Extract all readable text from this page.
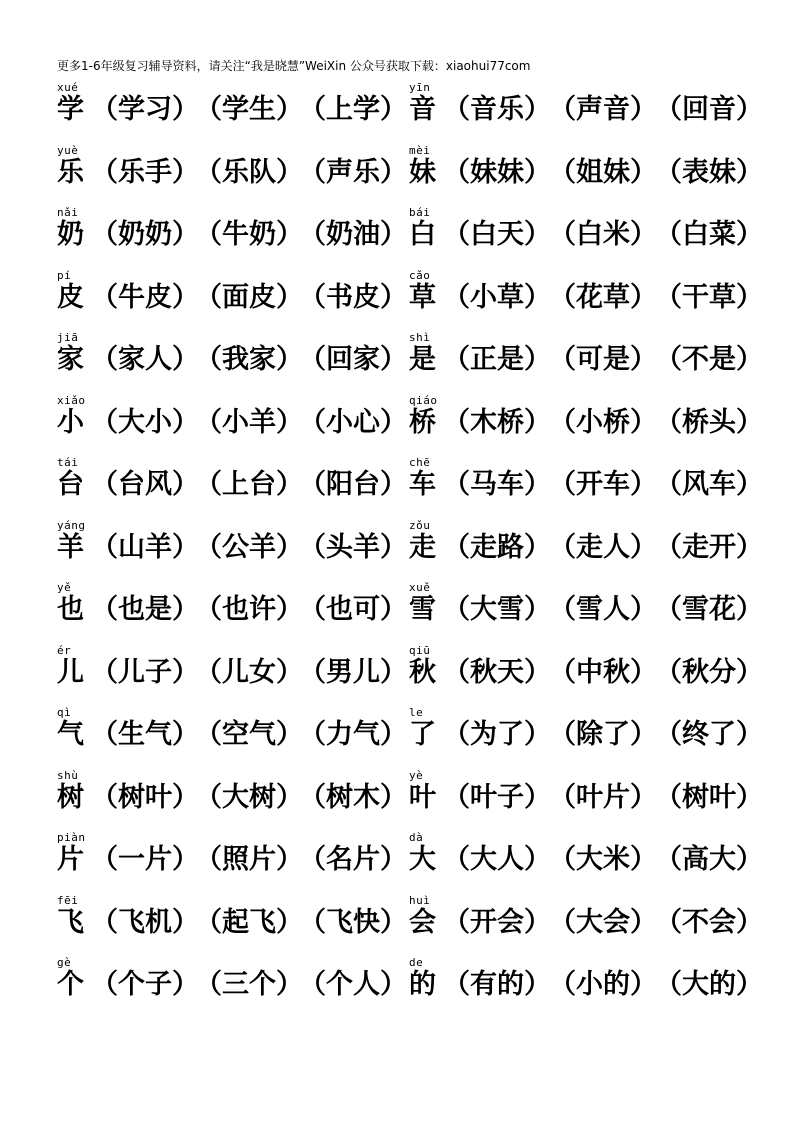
更多1-6年级复习辅导资料，请关注“我是晓慧”WeiXin 公众号获取下载：xiaohui77com
xué
学 （学习）（学生）（上学）
yīn
音 （音乐）（声音）（回音）
yuè
乐 （乐手）（乐队）（声乐）
mèi
妹 （妹妹）（姐妹）（表妹）
nǎi
奶 （奶奶）（牛奶）（奶油）
bái
白 （白天）（白米）（白菜）
pí
皮 （牛皮）（面皮）（书皮）
cǎo
草 （小草）（花草）（干草）
jiā
家 （家人）（我家）（回家）
shì
是 （正是）（可是）（不是）
xiǎo
小 （大小）（小羊）（小心）
qiáo
桥 （木桥）（小桥）（桥头）
tái
台 （台风）（上台）（阳台）
chē
车 （马车）（开车）（风车）
yáng
羊 （山羊）（公羊）（头羊）
zǒu
走 （走路）（走人）（走开）
yě
也 （也是）（也许）（也可）
xuě
雪 （大雪）（雪人）（雪花）
ér
儿 （儿子）（儿女）（男儿）
qiū
秋 （秋天）（中秋）（秋分）
qì
气 （生气）（空气）（力气）
le
了 （为了）（除了）（终了）
shù
树 （树叶）（大树）（树木）
yè
叶 （叶子）（叶片）（树叶）
piàn
片 （一片）（照片）（名片）
dà
大 （大人）（大米）（高大）
fēi
飞 （飞机）（起飞）（飞快）
huì
会 （开会）（大会）（不会）
gè
个 （个子）（三个）（个人）
de
的 （有的）（小的）（大的）
